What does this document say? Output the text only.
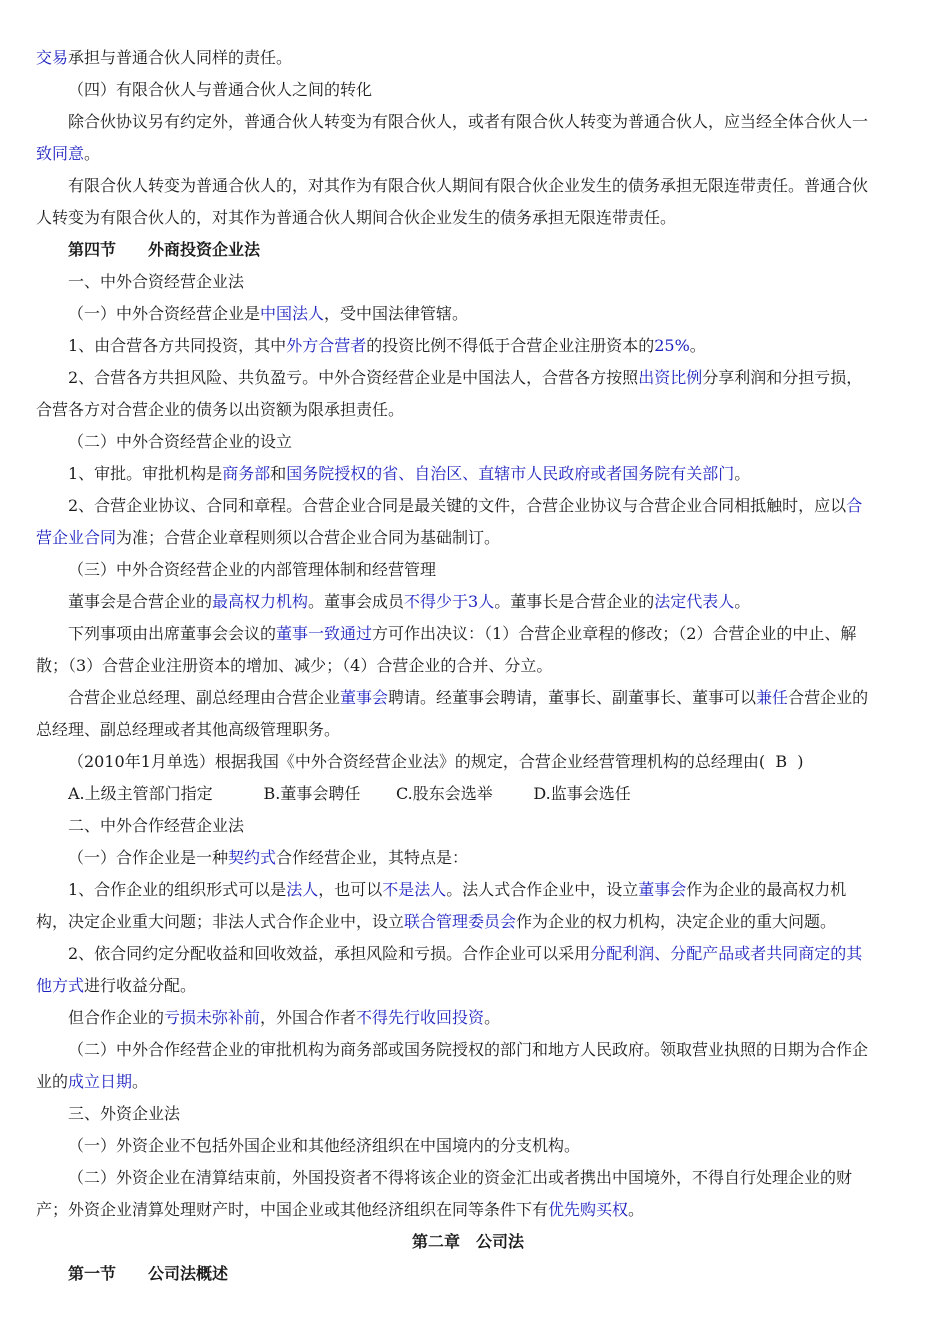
交易承担与普通合伙人同样的责任。
（四）有限合伙人与普通合伙人之间的转化
除合伙协议另有约定外，普通合伙人转变为有限合伙人，或者有限合伙人转变为普通合伙人，应当经全体合伙人一
致同意。
有限合伙人转变为普通合伙人的，对其作为有限合伙人期间有限合伙企业发生的债务承担无限连带责任。普通合伙
人转变为有限合伙人的，对其作为普通合伙人期间合伙企业发生的债务承担无限连带责任。
第四节　　外商投资企业法
一、中外合资经营企业法
（一）中外合资经营企业是中国法人，受中国法律管辖。
1、由合营各方共同投资，其中外方合营者的投资比例不得低于合营企业注册资本的25%。
2、合营各方共担风险、共负盈亏。中外合资经营企业是中国法人，合营各方按照出资比例分享利润和分担亏损，
合营各方对合营企业的债务以出资额为限承担责任。
（二）中外合资经营企业的设立
1、审批。审批机构是商务部和国务院授权的省、自治区、直辖市人民政府或者国务院有关部门。
2、合营企业协议、合同和章程。合营企业合同是最关键的文件，合营企业协议与合营企业合同相抵触时，应以合
营企业合同为准；合营企业章程则须以合营企业合同为基础制订。
（三）中外合资经营企业的内部管理体制和经营管理
董事会是合营企业的最高权力机构。董事会成员不得少于3人。董事长是合营企业的法定代表人。
下列事项由出席董事会会议的董事一致通过方可作出决议：（1）合营企业章程的修改；（2）合营企业的中止、解
散；（3）合营企业注册资本的增加、减少；（4）合营企业的合并、分立。
合营企业总经理、副总经理由合营企业董事会聘请。经董事会聘请，董事长、副董事长、董事可以兼任合营企业的
总经理、副总经理或者其他高级管理职务。
（2010年1月单选）根据我国《中外合资经营企业法》的规定，合营企业经营管理机构的总经理由(  B  )
A.上级主管部门指定          B.董事会聘任       C.股东会选举        D.监事会选任
二、中外合作经营企业法
（一）合作企业是一种契约式合作经营企业，其特点是：
1、合作企业的组织形式可以是法人，也可以不是法人。法人式合作企业中，设立董事会作为企业的最高权力机
构，决定企业重大问题；非法人式合作企业中，设立联合管理委员会作为企业的权力机构，决定企业的重大问题。
2、依合同约定分配收益和回收效益，承担风险和亏损。合作企业可以采用分配利润、分配产品或者共同商定的其
他方式进行收益分配。
但合作企业的亏损未弥补前，外国合作者不得先行收回投资。
（二）中外合作经营企业的审批机构为商务部或国务院授权的部门和地方人民政府。领取营业执照的日期为合作企
业的成立日期。
三、外资企业法
（一）外资企业不包括外国企业和其他经济组织在中国境内的分支机构。
（二）外资企业在清算结束前，外国投资者不得将该企业的资金汇出或者携出中国境外，不得自行处理企业的财
产；外资企业清算处理财产时，中国企业或其他经济组织在同等条件下有优先购买权。
第二章　公司法
第一节　　公司法概述
